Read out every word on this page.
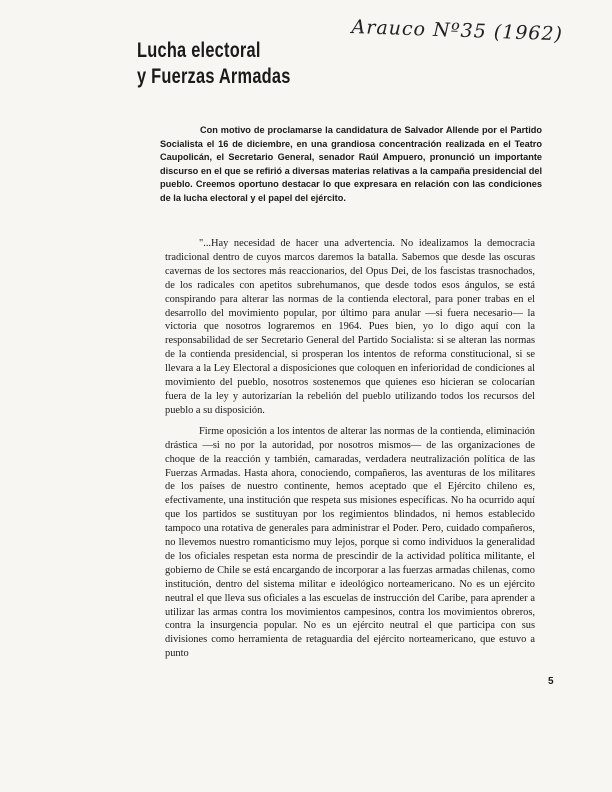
Arauco Nº35 (1962)
Lucha electoral
y Fuerzas Armadas

Con motivo de proclamarse la candidatura de Salvador Allende por el Partido Socialista el 16 de diciembre, en una grandiosa concentración realizada en el Teatro Caupolicán, el Secretario General, senador Raúl Ampuero, pronunció un importante discurso en el que se refirió a diversas materias relativas a la campaña presidencial del pueblo. Creemos oportuno destacar lo que expresara en relación con las condiciones de la lucha electoral y el papel del ejército.

"...Hay necesidad de hacer una advertencia. No idealizamos la democracia tradicional dentro de cuyos marcos daremos la batalla. Sabemos que desde las oscuras cavernas de los sectores más reaccionarios, del Opus Dei, de los fascistas trasnochados, de los radicales con apetitos subrehumanos, que desde todos esos ángulos, se está conspirando para alterar las normas de la contienda electoral, para poner trabas en el desarrollo del movimiento popular, por último para anular —si fuera necesario— la victoria que nosotros lograremos en 1964. Pues bien, yo lo digo aquí con la responsabilidad de ser Secretario General del Partido Socialista: si se alteran las normas de la contienda presidencial, si prosperan los intentos de reforma constitucional, si se llevara a la Ley Electoral a disposiciones que coloquen en inferioridad de condiciones al movimiento del pueblo, nosotros sostenemos que quienes eso hicieran se colocarían fuera de la ley y autorizarían la rebelión del pueblo utilizando todos los recursos del pueblo a su disposición.

Firme oposición a los intentos de alterar las normas de la contienda, eliminación drástica —si no por la autoridad, por nosotros mismos— de las organizaciones de choque de la reacción y también, camaradas, verdadera neutralización política de las Fuerzas Armadas. Hasta ahora, conociendo, compañeros, las aventuras de los militares de los países de nuestro continente, hemos aceptado que el Ejército chileno es, efectivamente, una institución que respeta sus misiones específicas. No ha ocurrido aquí que los partidos se sustituyan por los regimientos blindados, ni hemos establecido tampoco una rotativa de generales para administrar el Poder. Pero, cuidado compañeros, no llevemos nuestro romanticismo muy lejos, porque si como individuos la generalidad de los oficiales respetan esta norma de prescindir de la actividad política militante, el gobierno de Chile se está encargando de incorporar a las fuerzas armadas chilenas, como institución, dentro del sistema militar e ideológico norteamericano. No es un ejército neutral el que lleva sus oficiales a las escuelas de instrucción del Caribe, para aprender a utilizar las armas contra los movimientos campesinos, contra los movimientos obreros, contra la insurgencia popular. No es un ejército neutral el que participa con sus divisiones como herramienta de retaguardia del ejército norteamericano, que estuvo a punto

5
